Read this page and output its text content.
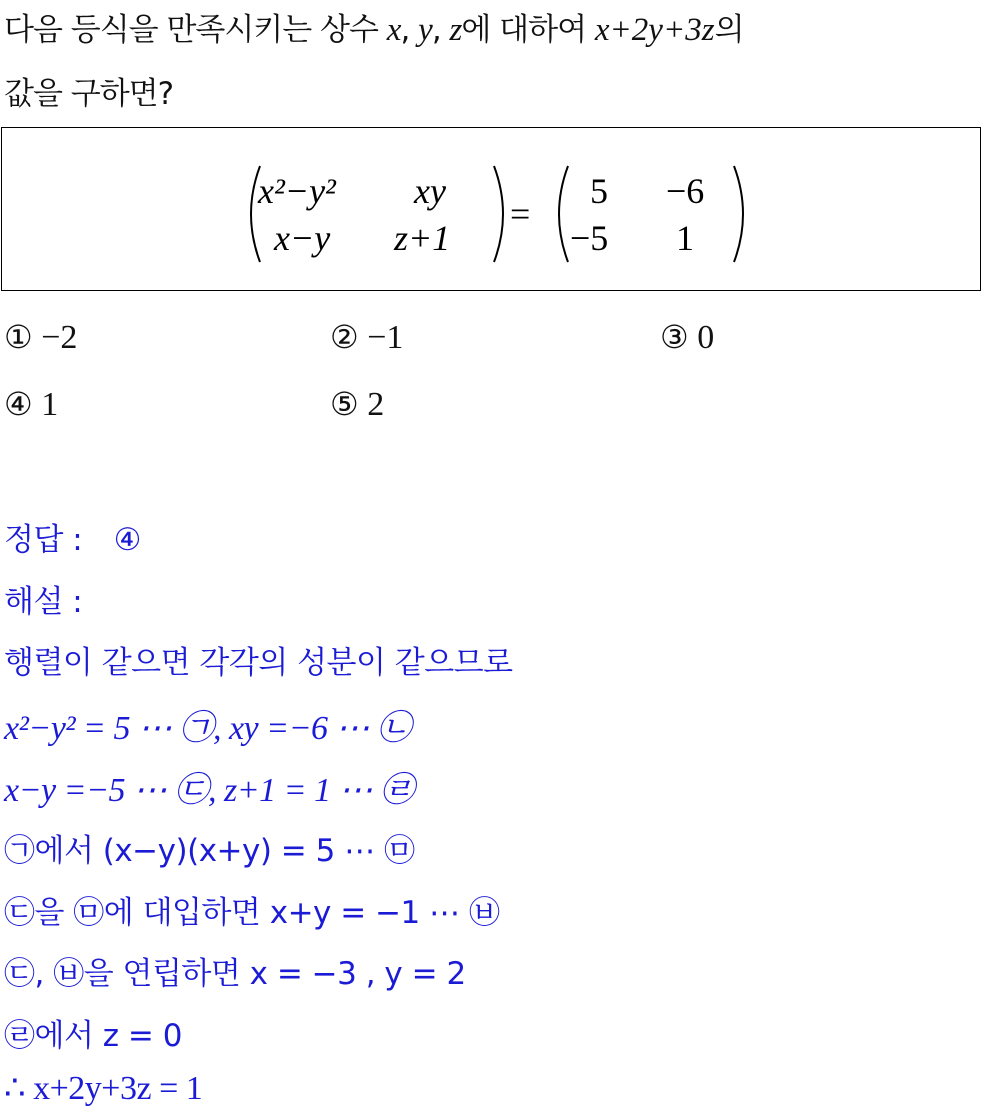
다음 등식을 만족시키는 상수 x, y, z에 대하여 x+2y+3z의
값을 구하면?
x²−y² xy
x−y z+1
=
5 −6
−5 1
① −2	② −1	③ 0
④ 1	⑤ 2
정답 : ④
해설 :
행렬이 같으면 각각의 성분이 같으므로
x²−y² = 5 ⋯ ㉠, xy =−6 ⋯ ㉡
x−y =−5 ⋯ ㉢, z+1 = 1 ⋯ ㉣
㉠에서 (x−y)(x+y) = 5 ⋯ ㉤
㉢을 ㉤에 대입하면 x+y = −1 ⋯ ㉥
㉢, ㉥을 연립하면 x = −3 , y = 2
㉣에서 z = 0
∴ x+2y+3z = 1
